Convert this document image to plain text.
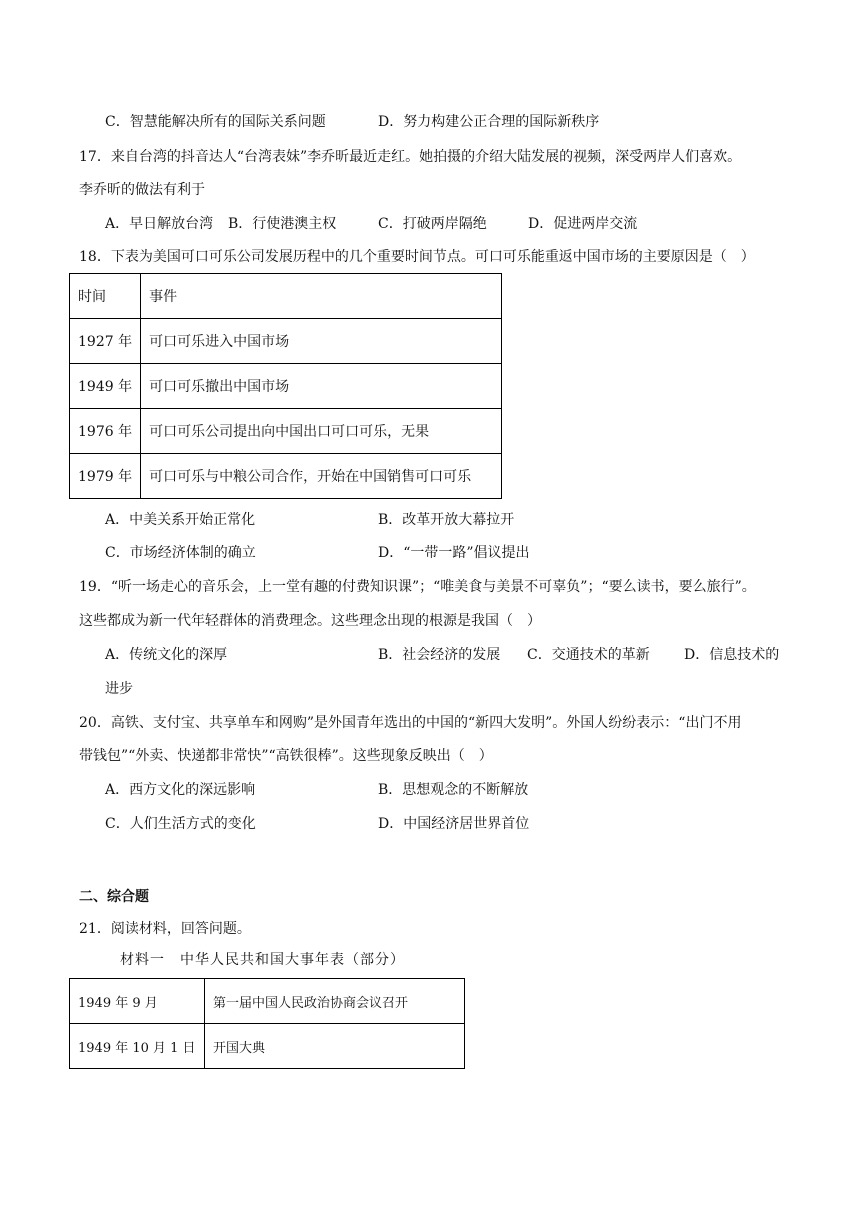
C．智慧能解决所有的国际关系问题	D．努力构建公正合理的国际新秩序
17．来自台湾的抖音达人“台湾表妹”李乔昕最近走红。她拍摄的介绍大陆发展的视频，深受两岸人们喜欢。
李乔昕的做法有利于
A．早日解放台湾 B．行使港澳主权	C．打破两岸隔绝	D．促进两岸交流
18．下表为美国可口可乐公司发展历程中的几个重要时间节点。可口可乐能重返中国市场的主要原因是（　）
时间	事件
1927 年	可口可乐进入中国市场
1949 年	可口可乐撤出中国市场
1976 年	可口可乐公司提出向中国出口可口可乐，无果
1979 年	可口可乐与中粮公司合作，开始在中国销售可口可乐
A．中美关系开始正常化	B．改革开放大幕拉开
C．市场经济体制的确立	D．“一带一路”倡议提出
19．“听一场走心的音乐会，上一堂有趣的付费知识课”；“唯美食与美景不可辜负”；“要么读书，要么旅行”。
这些都成为新一代年轻群体的消费理念。这些理念出现的根源是我国（　）
A．传统文化的深厚	B．社会经济的发展 C．交通技术的革新 D．信息技术的
进步
20．高铁、支付宝、共享单车和网购”是外国青年选出的中国的“新四大发明”。外国人纷纷表示：“出门不用
带钱包”“外卖、快递都非常快”“高铁很棒”。这些现象反映出（　）
A．西方文化的深远影响	B．思想观念的不断解放
C．人们生活方式的变化	D．中国经济居世界首位
二、综合题
21．阅读材料，回答问题。
材料一　中华人民共和国大事年表（部分）
1949 年 9 月	第一届中国人民政治协商会议召开
1949 年 10 月 1 日	开国大典
